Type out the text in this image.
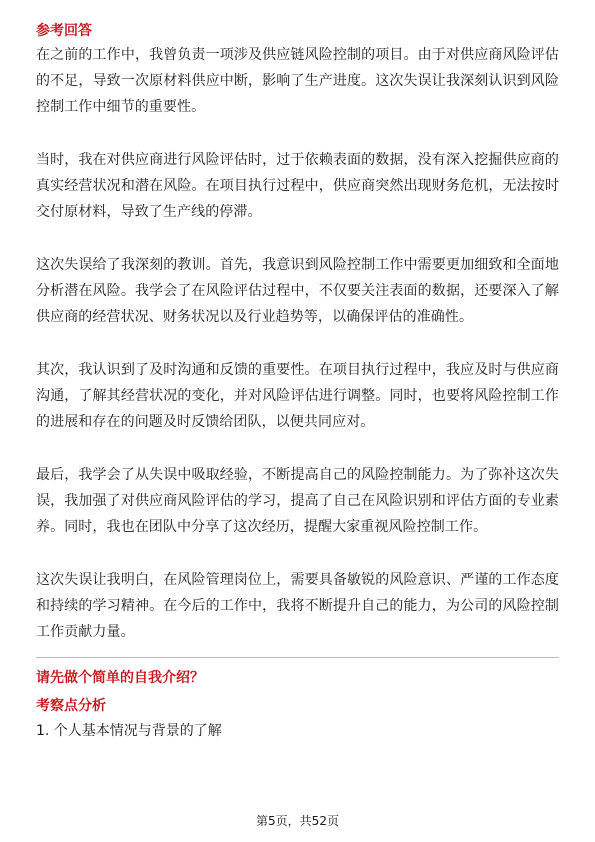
参考回答

在之前的工作中，我曾负责一项涉及供应链风险控制的项目。由于对供应商风险评估的不足，导致一次原材料供应中断，影响了生产进度。这次失误让我深刻认识到风险控制工作中细节的重要性。

当时，我在对供应商进行风险评估时，过于依赖表面的数据，没有深入挖掘供应商的真实经营状况和潜在风险。在项目执行过程中，供应商突然出现财务危机，无法按时交付原材料，导致了生产线的停滞。

这次失误给了我深刻的教训。首先，我意识到风险控制工作中需要更加细致和全面地分析潜在风险。我学会了在风险评估过程中，不仅要关注表面的数据，还要深入了解供应商的经营状况、财务状况以及行业趋势等，以确保评估的准确性。

其次，我认识到了及时沟通和反馈的重要性。在项目执行过程中，我应及时与供应商沟通，了解其经营状况的变化，并对风险评估进行调整。同时，也要将风险控制工作的进展和存在的问题及时反馈给团队，以便共同应对。

最后，我学会了从失误中吸取经验，不断提高自己的风险控制能力。为了弥补这次失误，我加强了对供应商风险评估的学习，提高了自己在风险识别和评估方面的专业素养。同时，我也在团队中分享了这次经历，提醒大家重视风险控制工作。

这次失误让我明白，在风险管理岗位上，需要具备敏锐的风险意识、严谨的工作态度和持续的学习精神。在今后的工作中，我将不断提升自己的能力，为公司的风险控制工作贡献力量。

请先做个简单的自我介绍？

考察点分析

1. 个人基本情况与背景的了解

第5页，共52页
